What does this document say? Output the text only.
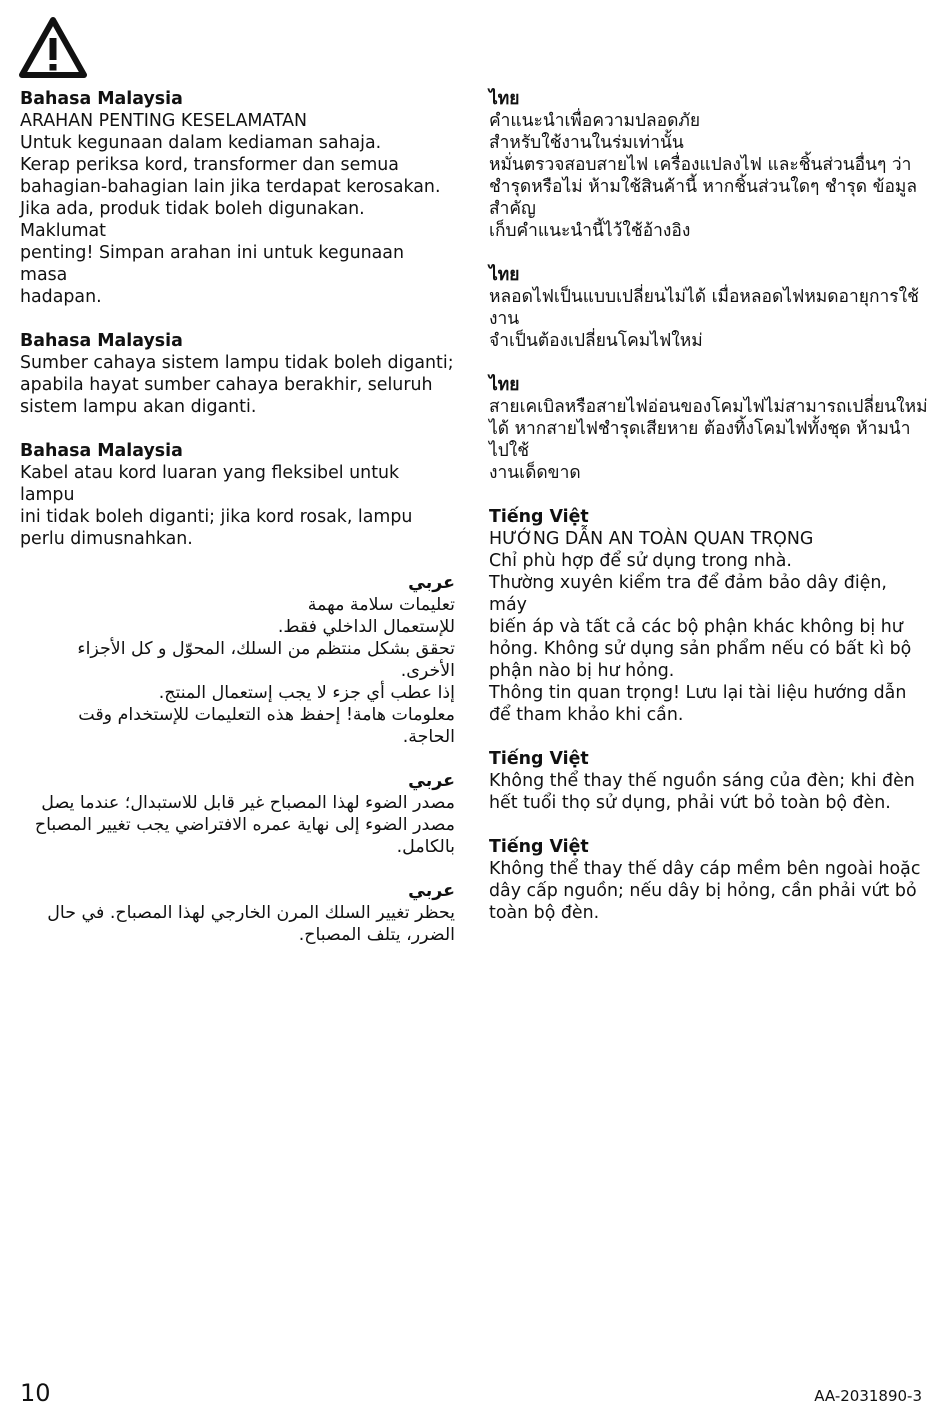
Bahasa Malaysia
ARAHAN PENTING KESELAMATAN
Untuk kegunaan dalam kediaman sahaja.
Kerap periksa kord, transformer dan semua
bahagian-bahagian lain jika terdapat kerosakan.
Jika ada, produk tidak boleh digunakan. Maklumat
penting! Simpan arahan ini untuk kegunaan masa
hadapan.
Bahasa Malaysia
Sumber cahaya sistem lampu tidak boleh diganti;
apabila hayat sumber cahaya berakhir, seluruh
sistem lampu akan diganti.
Bahasa Malaysia
Kabel atau kord luaran yang fleksibel untuk lampu
ini tidak boleh diganti; jika kord rosak, lampu
perlu dimusnahkan.
عربي
تعليمات سلامة مهمة
للإستعمال الداخلي فقط.
تحقق بشكل منتظم من السلك، المحوّل و كل الأجزاء الأخرى.
إذا عطب أي جزء لا يجب إستعمال المنتج.
معلومات هامة! إحفظ هذه التعليمات للإستخدام وقت
الحاجة.
عربي
مصدر الضوء لهذا المصباح غير قابل للاستبدال؛ عندما يصل
مصدر الضوء إلى نهاية عمره الافتراضي يجب تغيير المصباح
بالكامل.
عربي
يحظر تغيير السلك المرن الخارجي لهذا المصباح. في حال
الضرر، يتلف المصباح.
ไทย
คำแนะนำเพื่อความปลอดภัย
สำหรับใช้งานในร่มเท่านั้น
หมั่นตรวจสอบสายไฟ เครื่องแปลงไฟ และชิ้นส่วนอื่นๆ ว่า
ชำรุดหรือไม่ ห้ามใช้สินค้านี้ หากชิ้นส่วนใดๆ ชำรุด ข้อมูลสำคัญ
เก็บคำแนะนำนี้ไว้ใช้อ้างอิง
ไทย
หลอดไฟเป็นแบบเปลี่ยนไม่ได้ เมื่อหลอดไฟหมดอายุการใช้งาน
จำเป็นต้องเปลี่ยนโคมไฟใหม่
ไทย
สายเคเบิลหรือสายไฟอ่อนของโคมไฟไม่สามารถเปลี่ยนใหม่
ได้ หากสายไฟชำรุดเสียหาย ต้องทิ้งโคมไฟทั้งชุด ห้ามนำไปใช้
งานเด็ดขาด
Tiếng Việt
HƯỚNG DẪN AN TOÀN QUAN TRỌNG
Chỉ phù hợp để sử dụng trong nhà.
Thường xuyên kiểm tra để đảm bảo dây điện, máy
biến áp và tất cả các bộ phận khác không bị hư
hỏng. Không sử dụng sản phẩm nếu có bất kì bộ
phận nào bị hư hỏng.
Thông tin quan trọng! Lưu lại tài liệu hướng dẫn
để tham khảo khi cần.
Tiếng Việt
Không thể thay thế nguồn sáng của đèn; khi đèn
hết tuổi thọ sử dụng, phải vứt bỏ toàn bộ đèn.
Tiếng Việt
Không thể thay thế dây cáp mềm bên ngoài hoặc
dây cấp nguồn; nếu dây bị hỏng, cần phải vứt bỏ
toàn bộ đèn.
10	AA-2031890-3
